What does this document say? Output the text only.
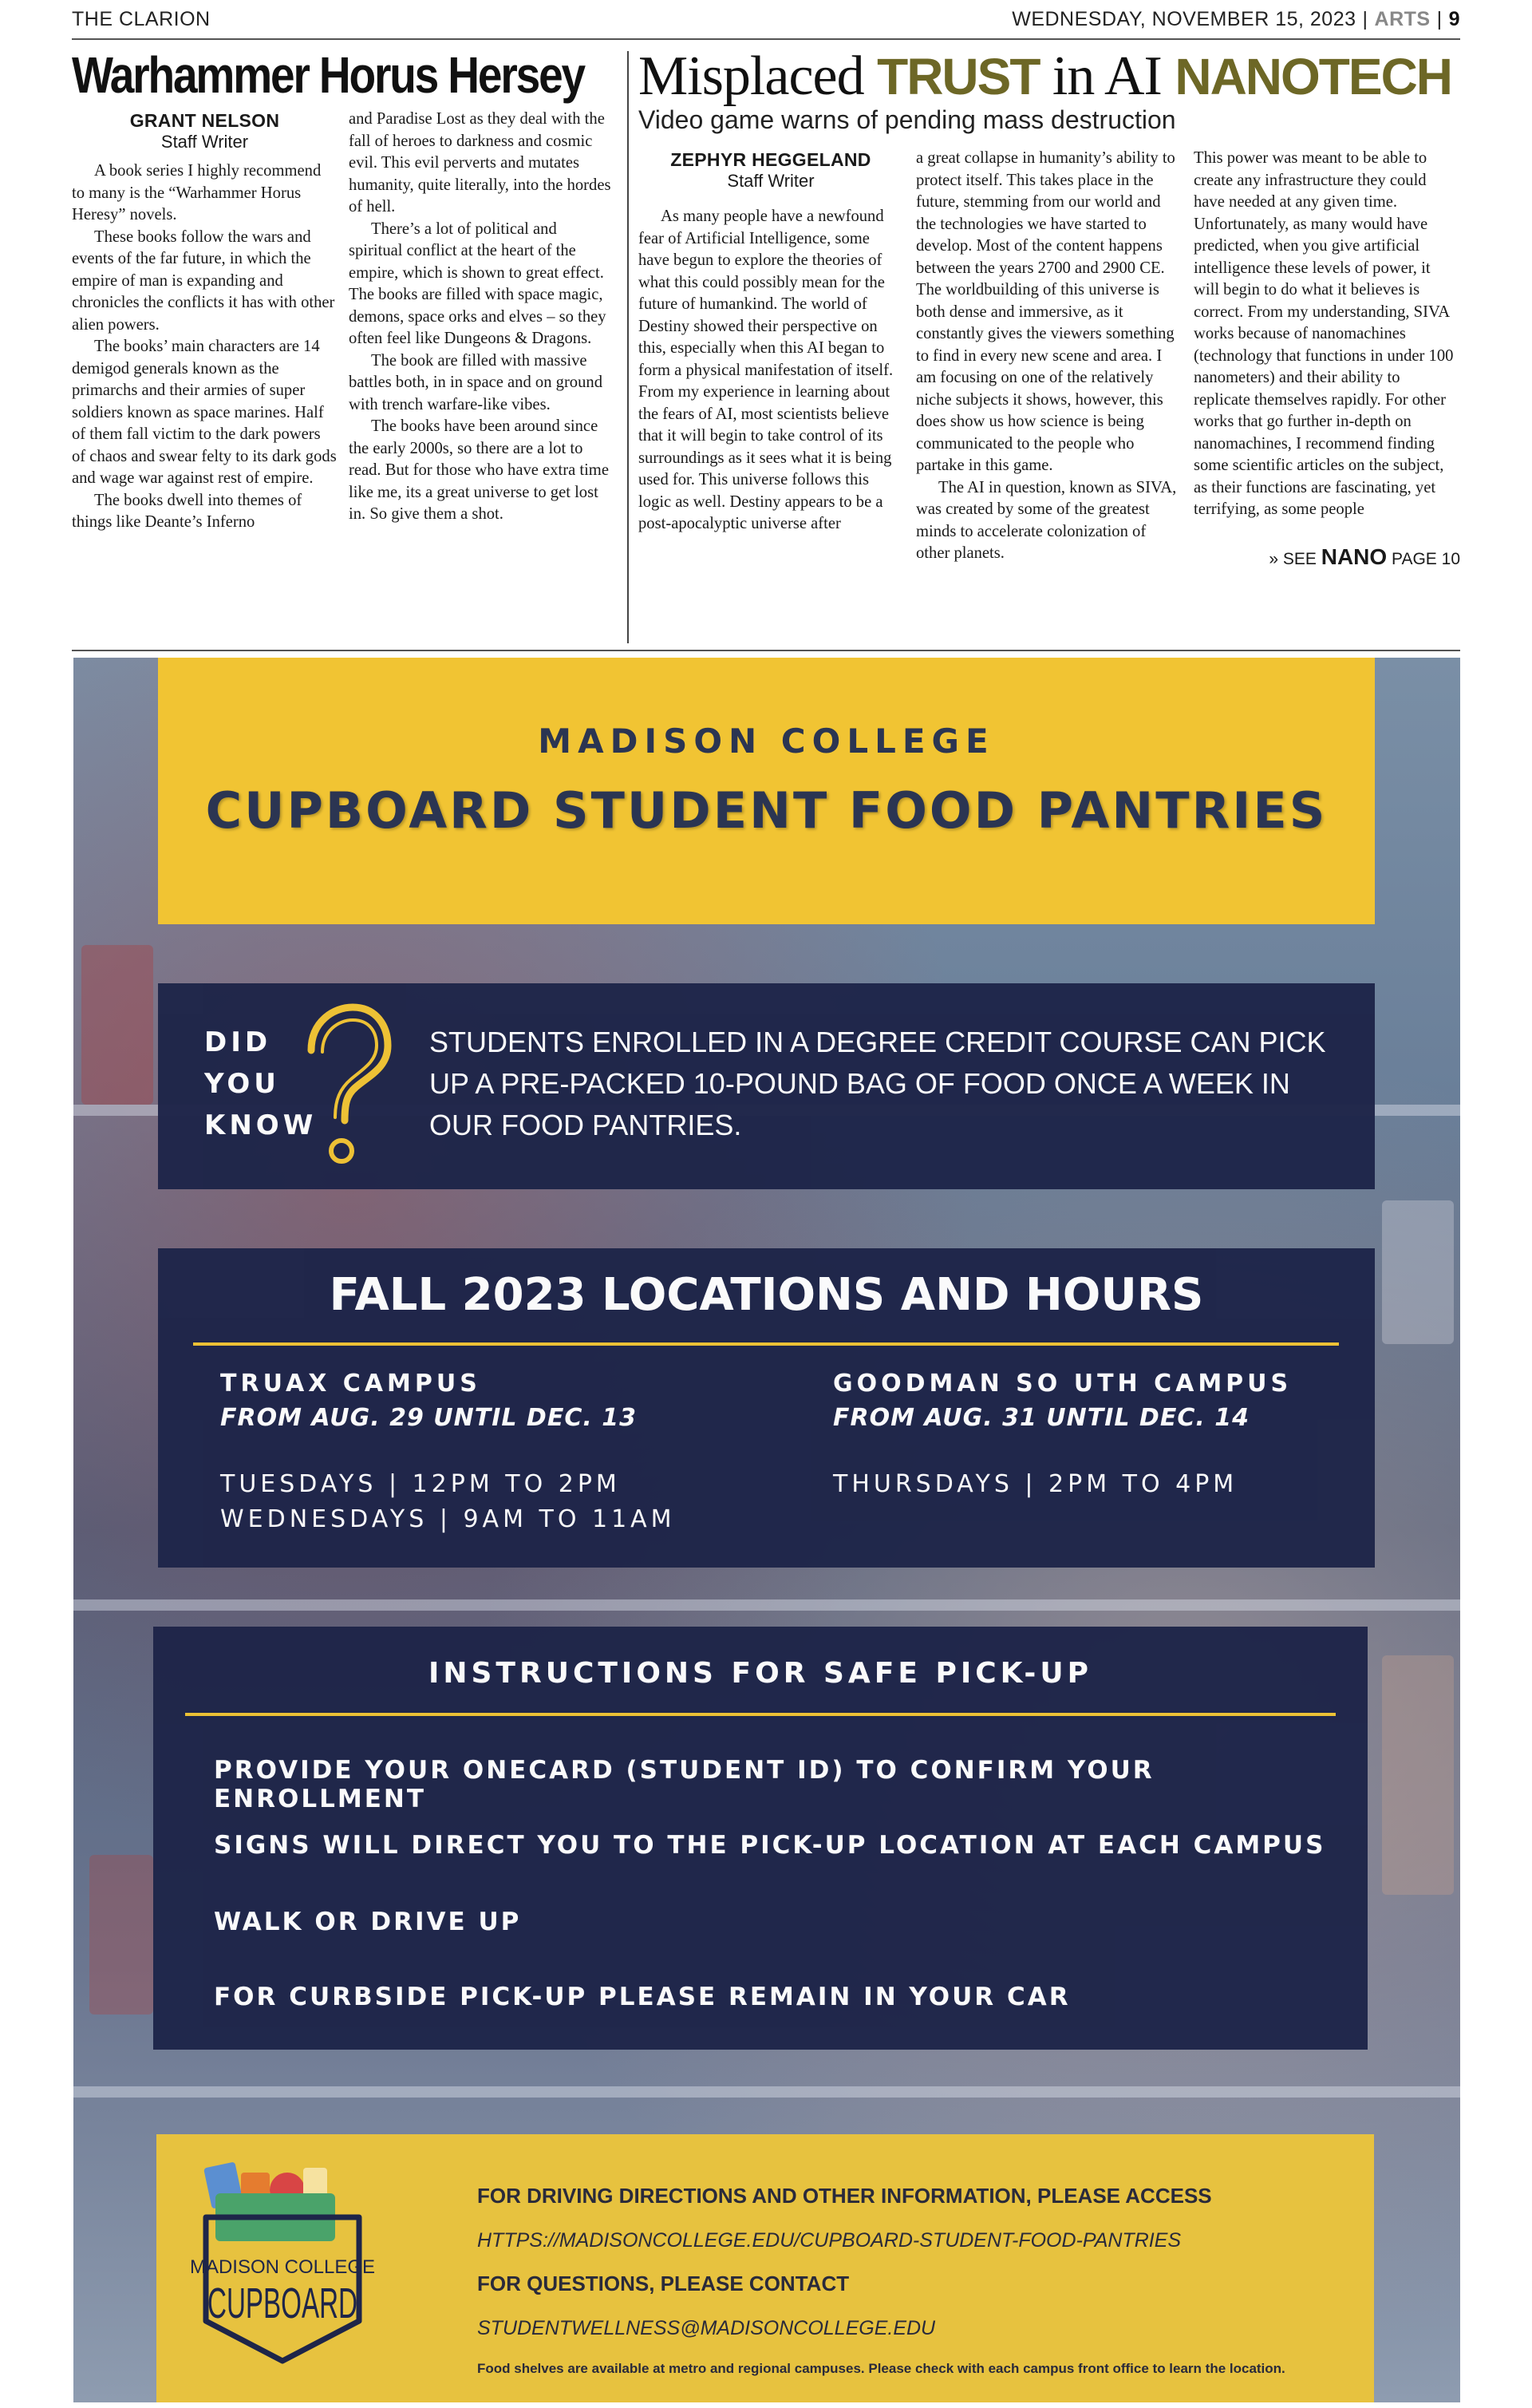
THE CLARION	WEDNESDAY, NOVEMBER 15, 2023 | ARTS | 9
Warhammer Horus Hersey
GRANT NELSON
Staff Writer

A book series I highly recommend to many is the “Warhammer Horus Heresy” novels.

These books follow the wars and events of the far future, in which the empire of man is expanding and chronicles the conflicts it has with other alien powers.

The books’ main characters are 14 demigod generals known as the primarchs and their armies of super soldiers known as space marines. Half of them fall victim to the dark powers of chaos and swear felty to its dark gods and wage war against rest of empire.

The books dwell into themes of things like Deante’s Inferno

and Paradise Lost as they deal with the fall of heroes to darkness and cosmic evil. This evil perverts and mutates humanity, quite literally, into the hordes of hell.

There’s a lot of political and spiritual conflict at the heart of the empire, which is shown to great effect. The books are filled with space magic, demons, space orks and elves – so they often feel like Dungeons & Dragons.

The book are filled with massive battles both, in in space and on ground with trench warfare-like vibes.

The books have been around since the early 2000s, so there are a lot to read. But for those who have extra time like me, its a great universe to get lost in. So give them a shot.

Misplaced TRUST in AI NANOTECH
Video game warns of pending mass destruction
ZEPHYR HEGGELAND
Staff Writer

As many people have a newfound fear of Artificial Intelligence, some have begun to explore the theories of what this could possibly mean for the future of humankind. The world of Destiny showed their perspective on this, especially when this AI began to form a physical manifestation of itself. From my experience in learning about the fears of AI, most scientists believe that it will begin to take control of its surroundings as it sees what it is being used for. This universe follows this logic as well. Destiny appears to be a post-apocalyptic universe after

a great collapse in humanity’s ability to protect itself. This takes place in the future, stemming from our world and the technologies we have started to develop. Most of the content happens between the years 2700 and 2900 CE. The worldbuilding of this universe is both dense and immersive, as it constantly gives the viewers something to find in every new scene and area. I am focusing on one of the relatively niche subjects it shows, however, this does show us how science is being communicated to the people who partake in this game.

The AI in question, known as SIVA, was created by some of the greatest minds to accelerate colonization of other planets.

This power was meant to be able to create any infrastructure they could have needed at any given time. Unfortunately, as many would have predicted, when you give artificial intelligence these levels of power, it will begin to do what it believes is correct. From my understanding, SIVA works because of nanomachines (technology that functions in under 100 nanometers) and their ability to replicate themselves rapidly. For other works that go further in-depth on nanomachines, I recommend finding some scientific articles on the subject, as their functions are fascinating, yet terrifying, as some people

» SEE NANO PAGE 10
MADISON COLLEGE
CUPBOARD STUDENT FOOD PANTRIES
DID
YOU
KNOW
STUDENTS ENROLLED IN A DEGREE CREDIT COURSE CAN PICK UP A PRE-PACKED 10-POUND BAG OF FOOD ONCE A WEEK IN OUR FOOD PANTRIES.
FALL 2023 LOCATIONS AND HOURS
TRUAX CAMPUS
FROM AUG. 29 UNTIL DEC. 13
TUESDAYS | 12PM TO 2PM
WEDNESDAYS | 9AM TO 11AM
GOODMAN SO UTH CAMPUS
FROM AUG. 31 UNTIL DEC. 14
THURSDAYS | 2PM TO 4PM
INSTRUCTIONS FOR SAFE PICK-UP
PROVIDE YOUR ONECARD (STUDENT ID) TO CONFIRM YOUR ENROLLMENT
SIGNS WILL DIRECT YOU TO THE PICK-UP LOCATION AT EACH CAMPUS
WALK OR DRIVE UP
FOR CURBSIDE PICK-UP PLEASE REMAIN IN YOUR CAR
MADISON COLLEGE
CUPBOARD
FOR DRIVING DIRECTIONS AND OTHER INFORMATION, PLEASE ACCESS
HTTPS://MADISONCOLLEGE.EDU/CUPBOARD-STUDENT-FOOD-PANTRIES
FOR QUESTIONS, PLEASE CONTACT
STUDENTWELLNESS@MADISONCOLLEGE.EDU
Food shelves are available at metro and regional campuses. Please check with each campus front office to learn the location.
